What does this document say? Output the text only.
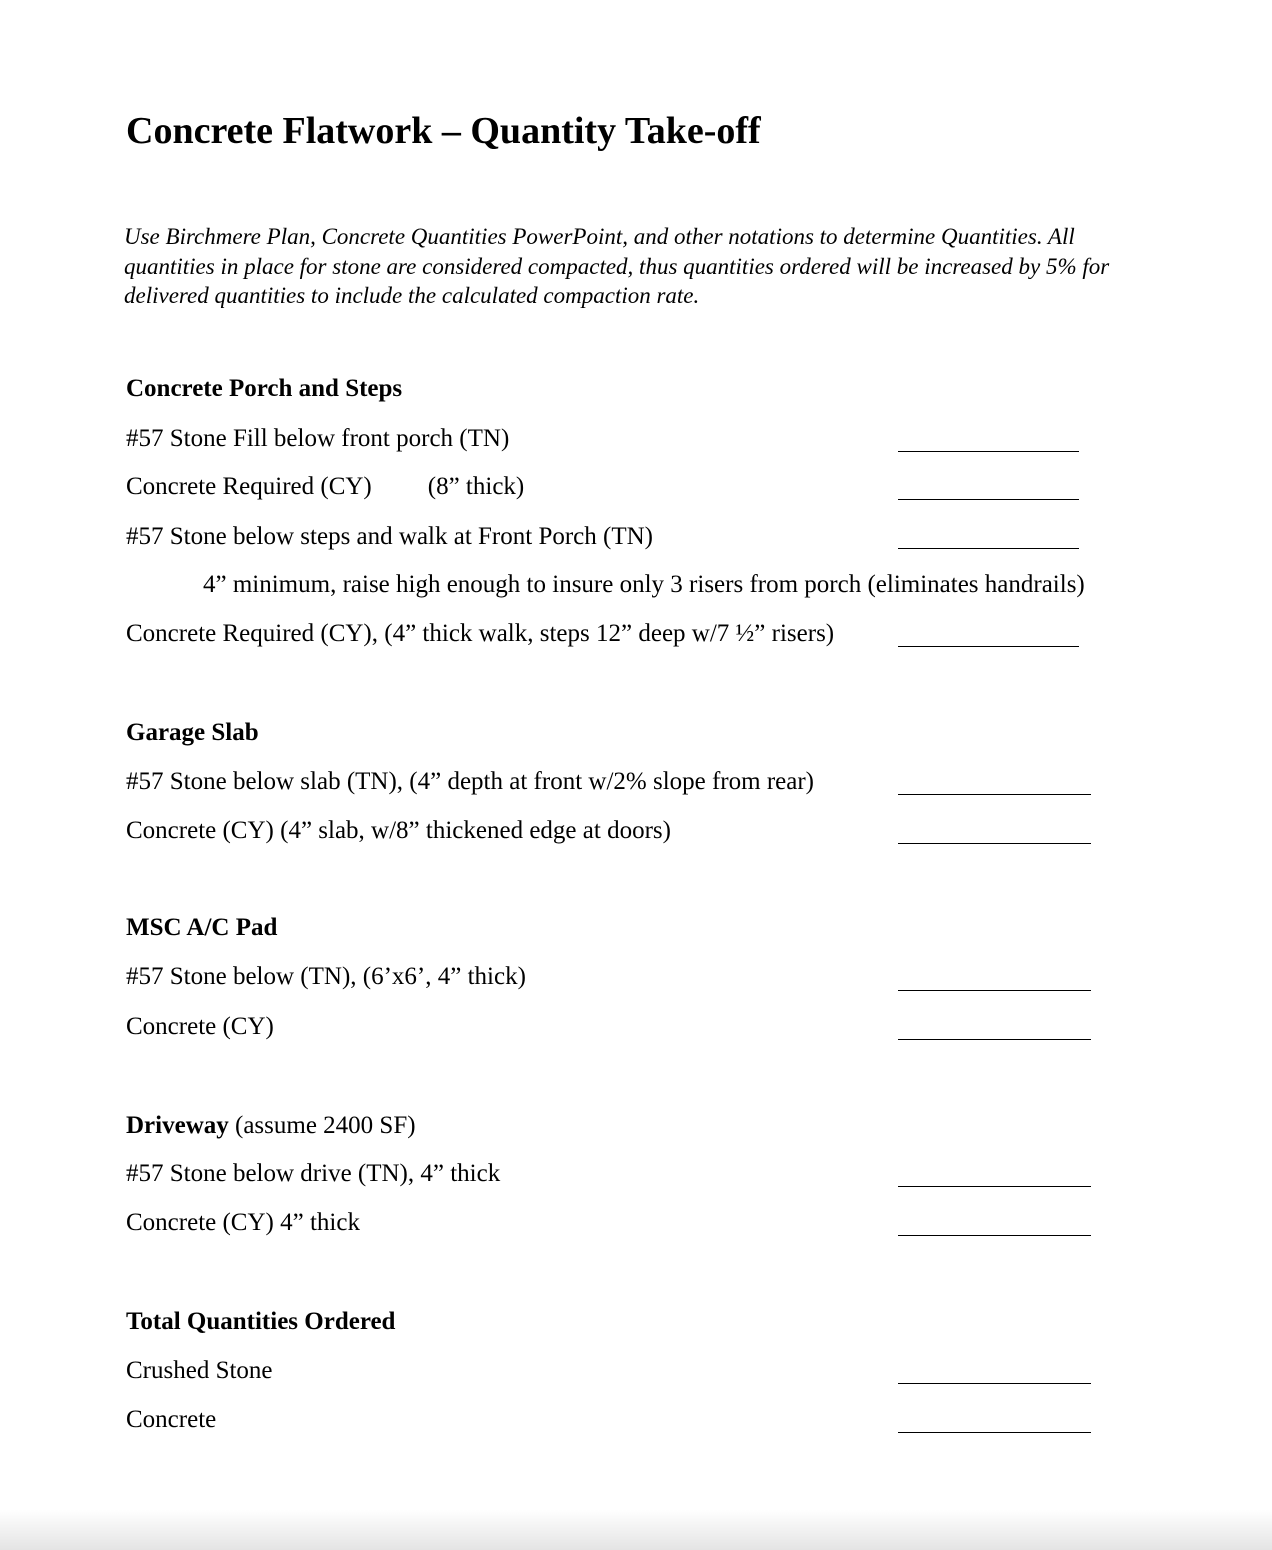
Concrete Flatwork – Quantity Take-off
Use Birchmere Plan, Concrete Quantities PowerPoint, and other notations to determine Quantities. All quantities in place for stone are considered compacted, thus quantities ordered will be increased by 5% for delivered quantities to include the calculated compaction rate.
Concrete Porch and Steps
#57 Stone Fill below front porch (TN)
Concrete Required (CY) (8” thick)
#57 Stone below steps and walk at Front Porch (TN)
4” minimum, raise high enough to insure only 3 risers from porch (eliminates handrails)
Concrete Required (CY), (4” thick walk, steps 12” deep w/7 ½” risers)
Garage Slab
#57 Stone below slab (TN), (4” depth at front w/2% slope from rear)
Concrete (CY) (4” slab, w/8” thickened edge at doors)
MSC A/C Pad
#57 Stone below (TN), (6’x6’, 4” thick)
Concrete (CY)
Driveway (assume 2400 SF)
#57 Stone below drive (TN), 4” thick
Concrete (CY) 4” thick
Total Quantities Ordered
Crushed Stone
Concrete
